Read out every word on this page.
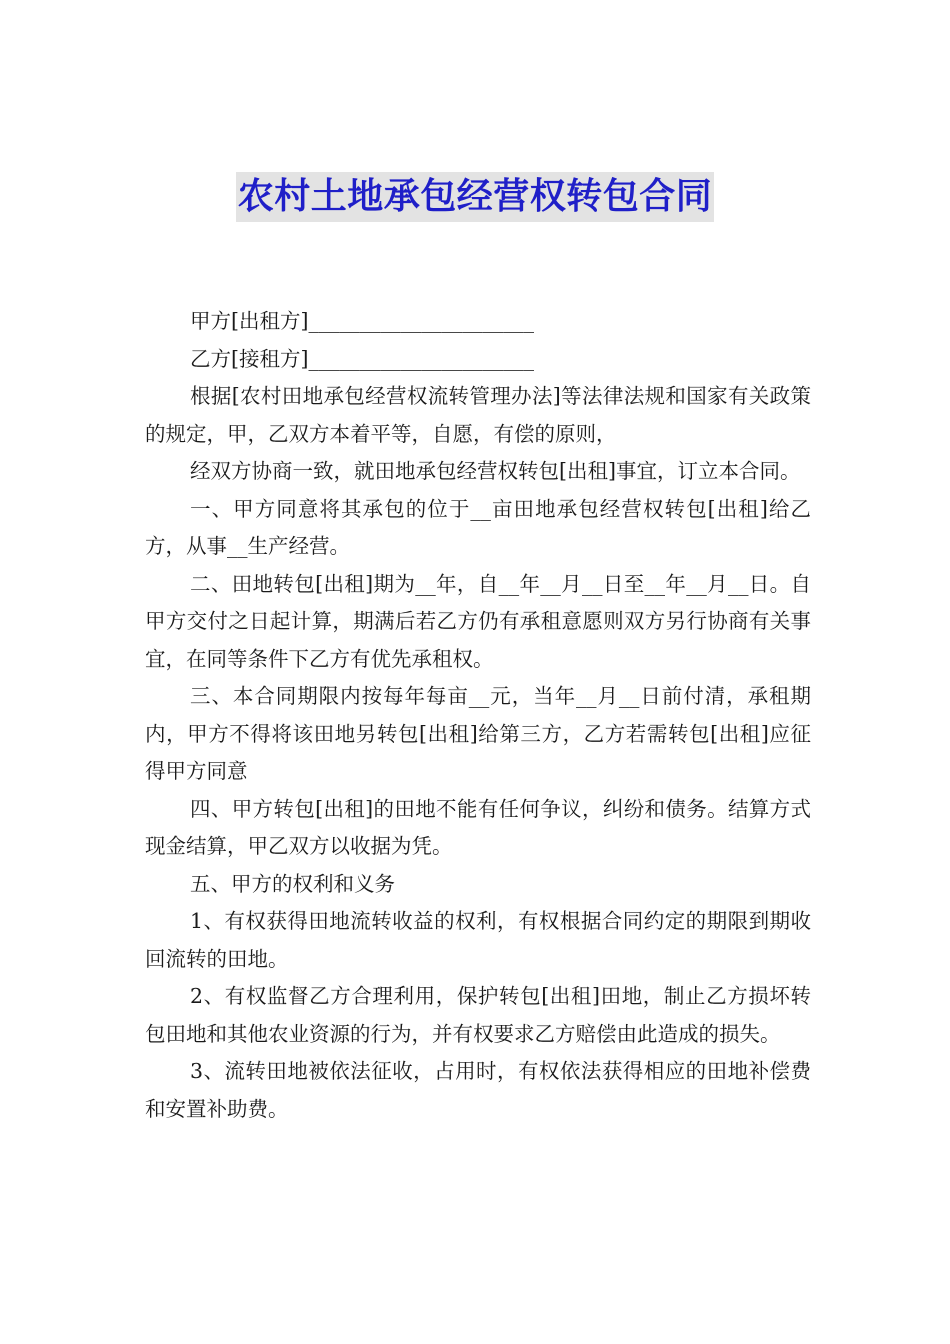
农村土地承包经营权转包合同

甲方[出租方]______________________

乙方[接租方]______________________

根据[农村田地承包经营权流转管理办法]等法律法规和国家有关政策的规定，甲，乙双方本着平等，自愿，有偿的原则，

经双方协商一致，就田地承包经营权转包[出租]事宜，订立本合同。

一、甲方同意将其承包的位于__亩田地承包经营权转包[出租]给乙方，从事__生产经营。

二、田地转包[出租]期为__年，自__年__月__日至__年__月__日。自甲方交付之日起计算，期满后若乙方仍有承租意愿则双方另行协商有关事宜，在同等条件下乙方有优先承租权。

三、本合同期限内按每年每亩__元，当年__月__日前付清，承租期内，甲方不得将该田地另转包[出租]给第三方，乙方若需转包[出租]应征得甲方同意

四、甲方转包[出租]的田地不能有任何争议，纠纷和债务。结算方式现金结算，甲乙双方以收据为凭。

五、甲方的权利和义务

1、有权获得田地流转收益的权利，有权根据合同约定的期限到期收回流转的田地。

2、有权监督乙方合理利用，保护转包[出租]田地，制止乙方损坏转包田地和其他农业资源的行为，并有权要求乙方赔偿由此造成的损失。

3、流转田地被依法征收，占用时，有权依法获得相应的田地补偿费和安置补助费。
